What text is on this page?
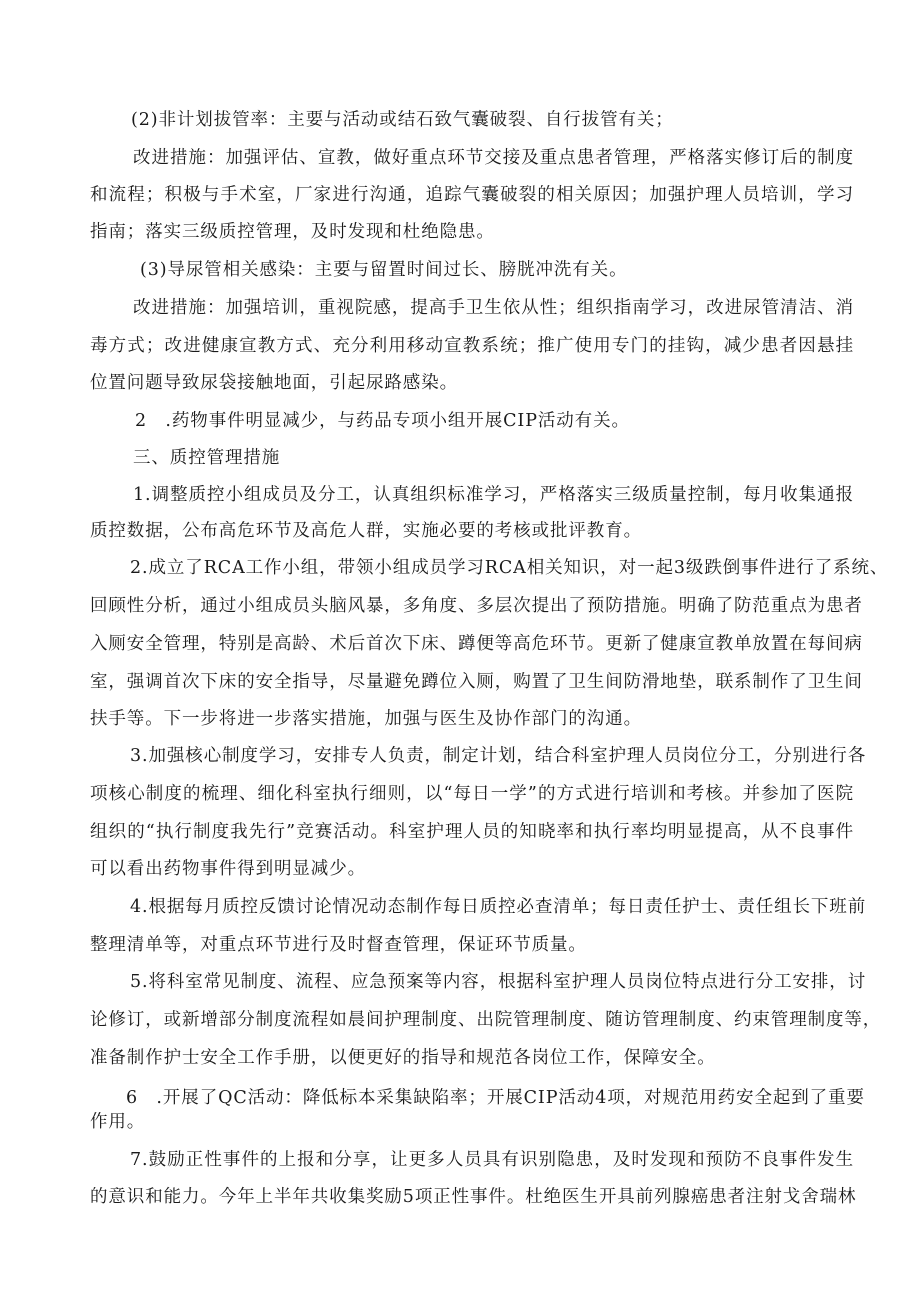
(2)非计划拔管率：主要与活动或结石致气囊破裂、自行拔管有关；
改进措施：加强评估、宣教，做好重点环节交接及重点患者管理，严格落实修订后的制度
和流程；积极与手术室，厂家进行沟通，追踪气囊破裂的相关原因；加强护理人员培训，学习
指南；落实三级质控管理，及时发现和杜绝隐患。
(3)导尿管相关感染：主要与留置时间过长、膀胱冲洗有关。
改进措施：加强培训，重视院感，提高手卫生依从性；组织指南学习，改进尿管清洁、消
毒方式；改进健康宣教方式、充分利用移动宣教系统；推广使用专门的挂钩，减少患者因悬挂
位置问题导致尿袋接触地面，引起尿路感染。
2　.药物事件明显减少，与药品专项小组开展CIP活动有关。
三、质控管理措施
1.调整质控小组成员及分工，认真组织标准学习，严格落实三级质量控制，每月收集通报
质控数据，公布高危环节及高危人群，实施必要的考核或批评教育。
2.成立了RCA工作小组，带领小组成员学习RCA相关知识，对一起3级跌倒事件进行了系统、
回顾性分析，通过小组成员头脑风暴，多角度、多层次提出了预防措施。明确了防范重点为患者
入厕安全管理，特别是高龄、术后首次下床、蹲便等高危环节。更新了健康宣教单放置在每间病
室，强调首次下床的安全指导，尽量避免蹲位入厕，购置了卫生间防滑地垫，联系制作了卫生间
扶手等。下一步将进一步落实措施，加强与医生及协作部门的沟通。
3.加强核心制度学习，安排专人负责，制定计划，结合科室护理人员岗位分工，分别进行各
项核心制度的梳理、细化科室执行细则，以“每日一学”的方式进行培训和考核。并参加了医院
组织的“执行制度我先行”竞赛活动。科室护理人员的知晓率和执行率均明显提高，从不良事件
可以看出药物事件得到明显减少。
4.根据每月质控反馈讨论情况动态制作每日质控必查清单；每日责任护士、责任组长下班前
整理清单等，对重点环节进行及时督查管理，保证环节质量。
5.将科室常见制度、流程、应急预案等内容，根据科室护理人员岗位特点进行分工安排，讨
论修订，或新增部分制度流程如晨间护理制度、出院管理制度、随访管理制度、约束管理制度等，
准备制作护士安全工作手册，以便更好的指导和规范各岗位工作，保障安全。
6　.开展了QC活动：降低标本采集缺陷率；开展CIP活动4项，对规范用药安全起到了重要
作用。
7.鼓励正性事件的上报和分享，让更多人员具有识别隐患，及时发现和预防不良事件发生
的意识和能力。今年上半年共收集奖励5项正性事件。杜绝医生开具前列腺癌患者注射戈舍瑞林
